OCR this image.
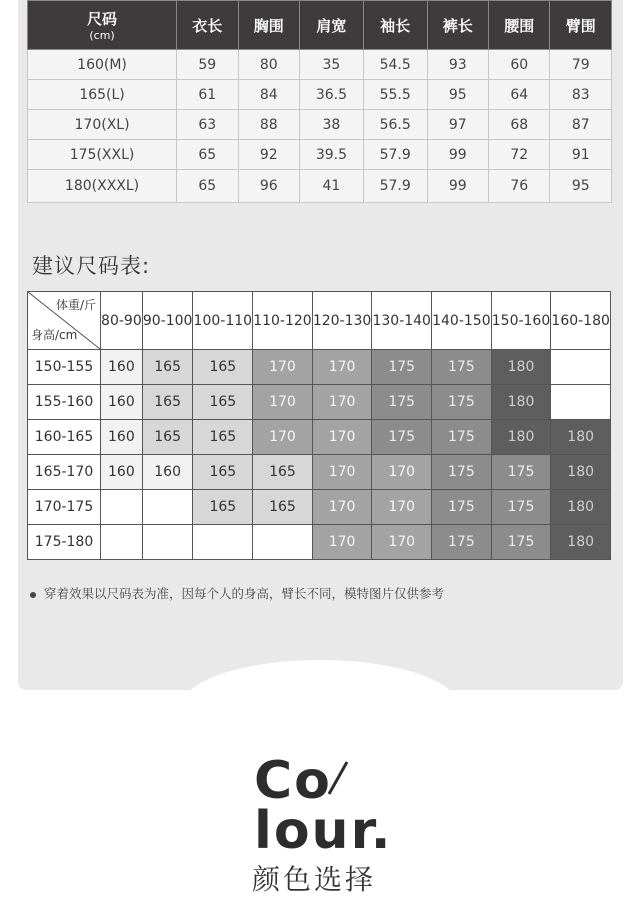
尺码
(cm)	衣长	胸围	肩宽	袖长	裤长	腰围	臂围
160(M)	59	80	35	54.5	93	60	79
165(L)	61	84	36.5	55.5	95	64	83
170(XL)	63	88	38	56.5	97	68	87
175(XXL)	65	92	39.5	57.9	99	72	91
180(XXXL)	65	96	41	57.9	99	76	95
建议尺码表:
体重/斤
身高/cm	80-90	90-100	100-110	110-120	120-130	130-140	140-150	150-160	160-180
150-155	160	165	165	170	170	175	175	180	
155-160	160	165	165	170	170	175	175	180	
160-165	160	165	165	170	170	175	175	180	180
165-170	160	160	165	165	170	170	175	175	180
170-175			165	165	170	170	175	175	180
175-180					170	170	175	175	180
穿着效果以尺码表为准，因每个人的身高，臂长不同，模特图片仅供参考
Co
lour.
颜色选择
